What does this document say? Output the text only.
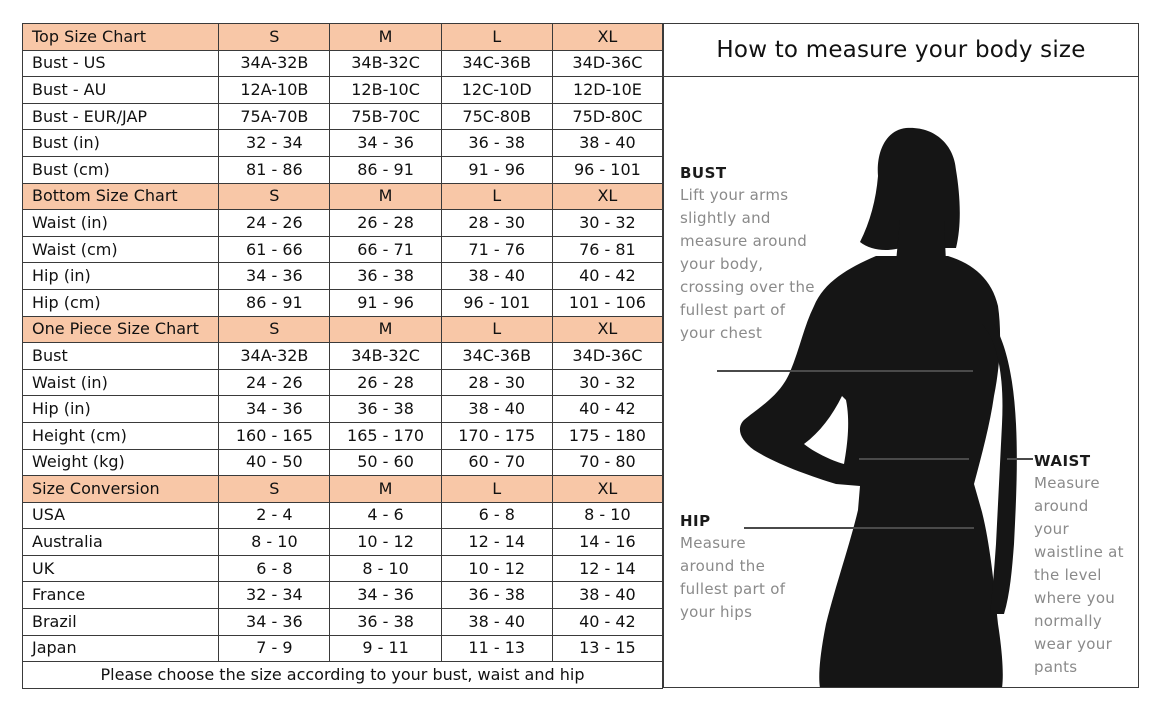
Top Size Chart	S	M	L	XL
Bust - US	34A-32B	34B-32C	34C-36B	34D-36C
Bust - AU	12A-10B	12B-10C	12C-10D	12D-10E
Bust - EUR/JAP	75A-70B	75B-70C	75C-80B	75D-80C
Bust (in)	32 - 34	34 - 36	36 - 38	38 - 40
Bust (cm)	81 - 86	86 - 91	91 - 96	96 - 101
Bottom Size Chart	S	M	L	XL
Waist (in)	24 - 26	26 - 28	28 - 30	30 - 32
Waist (cm)	61 - 66	66 - 71	71 - 76	76 - 81
Hip (in)	34 - 36	36 - 38	38 - 40	40 - 42
Hip (cm)	86 - 91	91 - 96	96 - 101	101 - 106
One Piece Size Chart	S	M	L	XL
Bust	34A-32B	34B-32C	34C-36B	34D-36C
Waist (in)	24 - 26	26 - 28	28 - 30	30 - 32
Hip (in)	34 - 36	36 - 38	38 - 40	40 - 42
Height (cm)	160 - 165	165 - 170	170 - 175	175 - 180
Weight (kg)	40 - 50	50 - 60	60 - 70	70 - 80
Size Conversion	S	M	L	XL
USA	2 - 4	4 - 6	6 - 8	8 - 10
Australia	8 - 10	10 - 12	12 - 14	14 - 16
UK	6 - 8	8 - 10	10 - 12	12 - 14
France	32 - 34	34 - 36	36 - 38	38 - 40
Brazil	34 - 36	36 - 38	38 - 40	40 - 42
Japan	7 - 9	9 - 11	11 - 13	13 - 15
Please choose the size according to your bust, waist and hip				
How to measure your body size
BUST
Lift your arms
slightly and
measure around
your body,
crossing over the
fullest part of
your chest
WAIST
Measure
around
your
waistline at
the level
where you
normally
wear your
pants
HIP
Measure
around the
fullest part of
your hips
